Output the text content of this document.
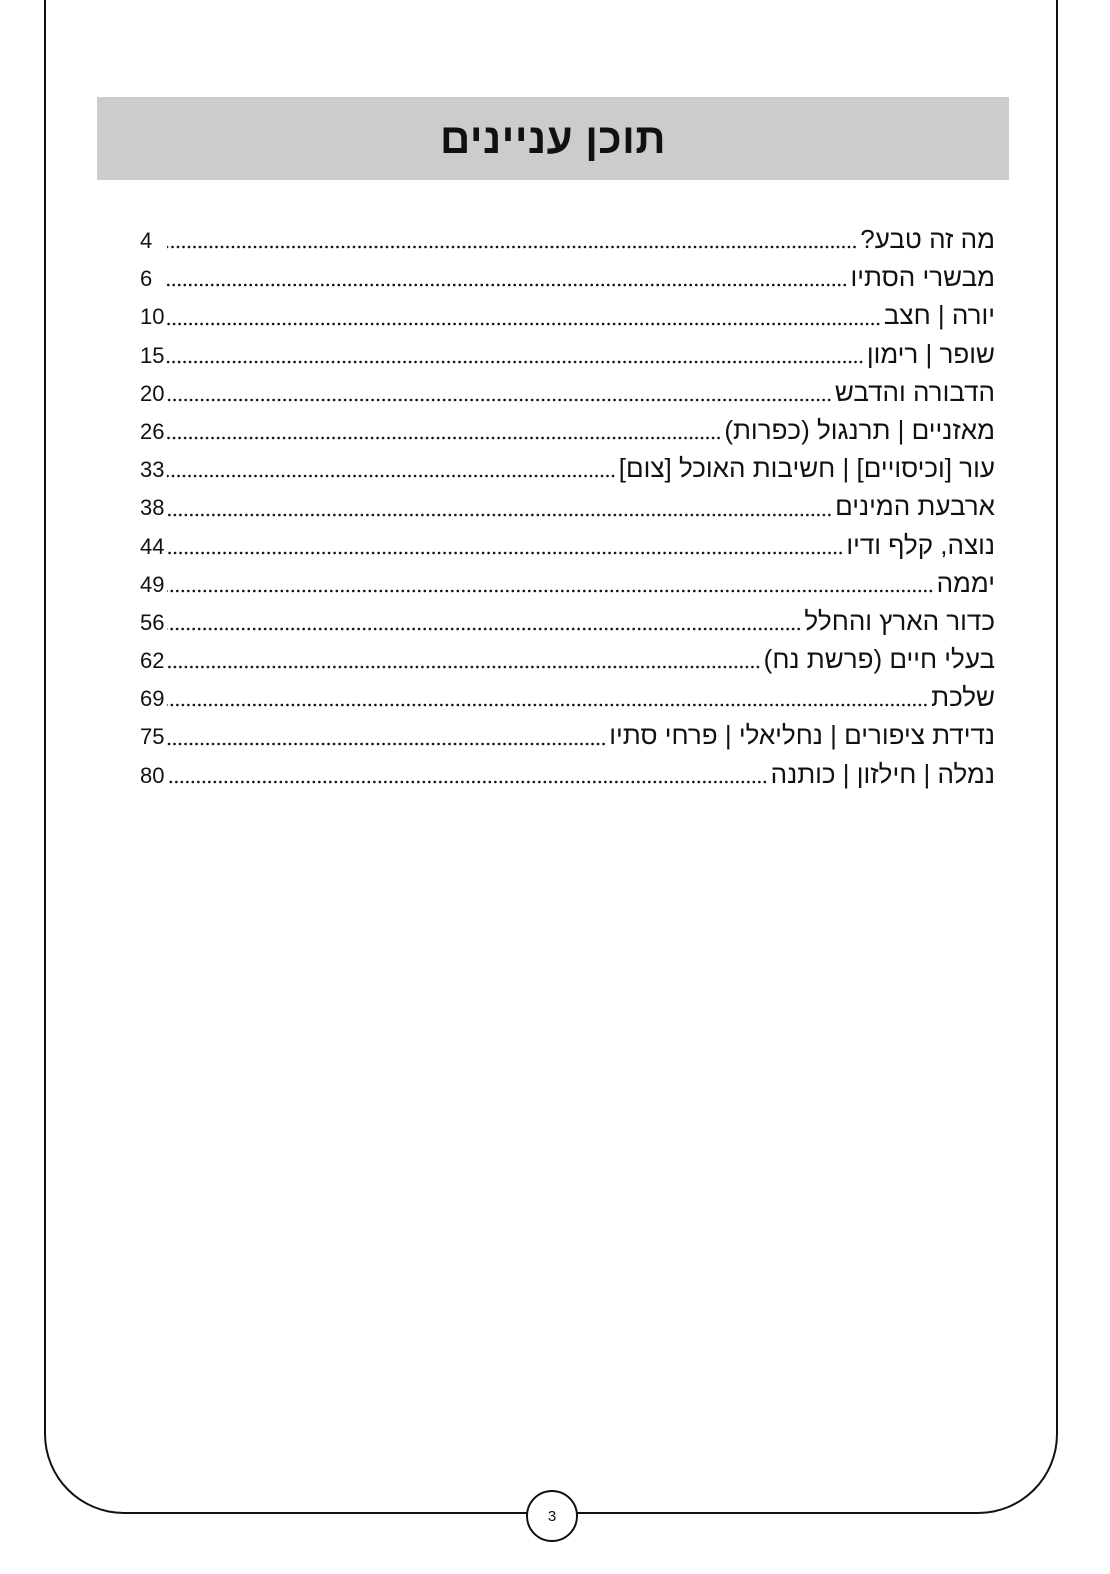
תוכן עניינים
מה זה טבע?
4
מבשרי הסתיו
6
יורה | חצב
10
שופר | רימון
15
הדבורה והדבש
20
מאזניים | תרנגול (כפרות)
26
עור [וכיסויים] | חשיבות האוכל [צום]
33
ארבעת המינים
38
נוצה, קלף ודיו
44
יממה
49
כדור הארץ והחלל
56
בעלי חיים (פרשת נח)
62
שלכת
69
נדידת ציפורים | נחליאלי | פרחי סתיו
75
נמלה | חילזון | כותנה
80
3
